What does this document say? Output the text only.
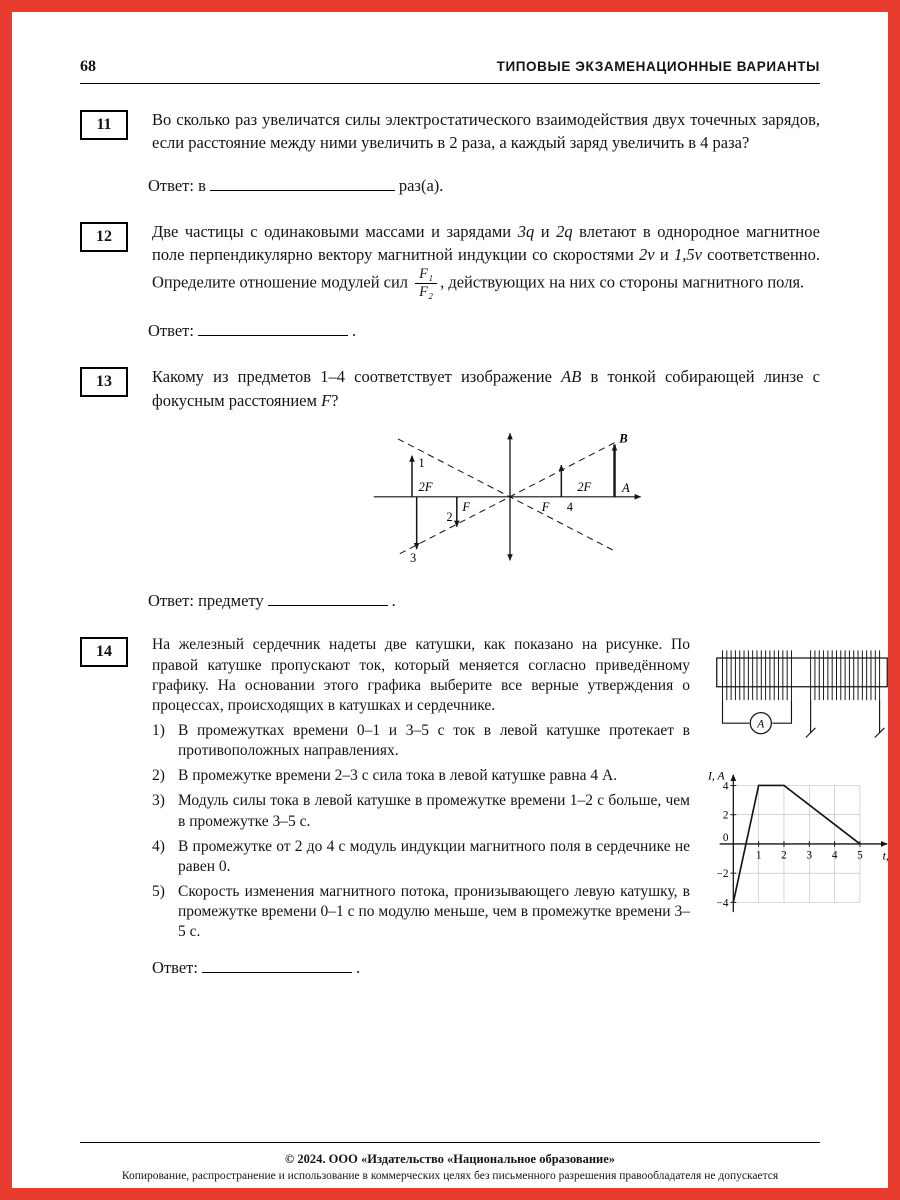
68	ТИПОВЫЕ ЭКЗАМЕНАЦИОННЫЕ ВАРИАНТЫ
11	Во сколько раз увеличатся силы электростатического взаимодействия двух точечных зарядов, если расстояние между ними увеличить в 2 раза, а каждый заряд увеличить в 4 раза?
Ответ: в	раз(а).
12	Две частицы с одинаковыми массами и зарядами 3q и 2q влетают в однородное магнитное поле перпендикулярно вектору магнитной индукции со скоростями 2v и 1,5v соответственно. Определите отношение модулей сил $\frac{\text{F₁}}{\text{F₂}}$ , действующих на них со стороны магнитного поля.
Ответ:	.
13	Какому из предметов 1–4 соответствует изображение AB в тонкой собирающей линзе с фокусным расстоянием F?
1
2
3
4
2F
F	F
2F A
B
Ответ: предмету	.
14	На железный сердечник надеты две катушки, как показано на рисунке. По правой катушке пропускают ток, который меняется согласно приведённому графику. На основании этого графика выберите все верные утверждения о процессах, происходящих в катушках и сердечнике.
1) В промежутках времени 0–1 и 3–5 с ток в левой катушке протекает в противоположных направлениях.
2) В промежутке времени 2–3 с сила тока в левой катушке равна 4 А.
3) Модуль силы тока в левой катушке в промежутке времени 1–2 с больше, чем в промежутке 3–5 с.
4) В промежутке от 2 до 4 с модуль индукции магнитного поля в сердечнике не равен 0.
5) Скорость изменения магнитного потока, пронизывающего левую катушку, в промежутке времени 0–1 с по модулю меньше, чем в промежутке времени 3–5 с.
A
I, A
t, c
4
2
0
−2
−4
1 2 3 4 5
Ответ:	.
© 2024. ООО «Издательство «Национальное образование»
Копирование, распространение и использование в коммерческих целях без письменного разрешения правообладателя не допускается
